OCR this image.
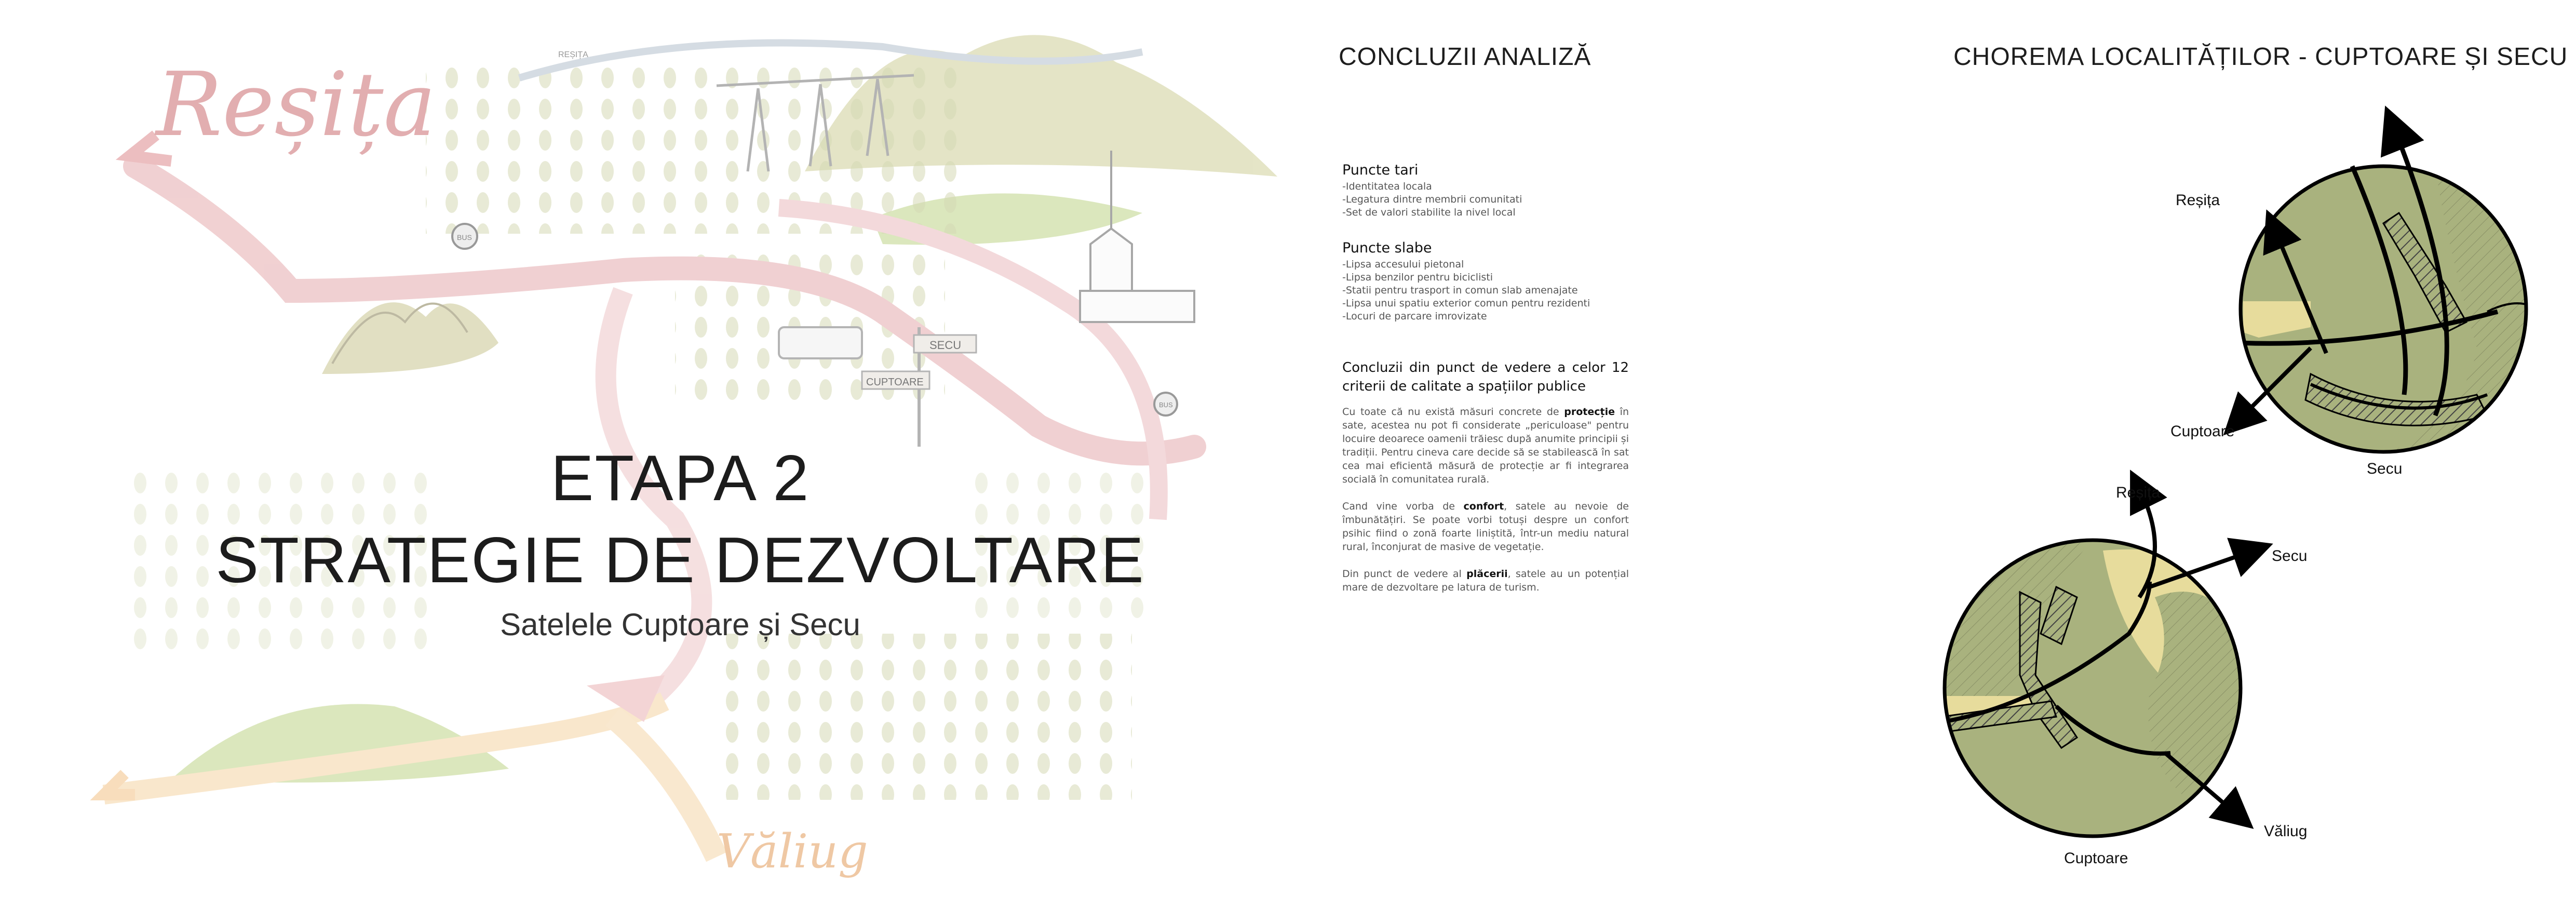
Reșița
Văliug
SECU
CUPTOARE
REȘIȚA
BUS
BUS
ETAPA 2
STRATEGIE DE DEZVOLTARE
Satelele Cuptoare și Secu
CONCLUZII ANALIZĂ
Puncte tari
-Identitatea locala
-Legatura dintre membrii comunitati
-Set de valori stabilite la nivel local
Puncte slabe
-Lipsa accesului pietonal
-Lipsa benzilor pentru biciclisti
-Statii pentru trasport in comun slab amenajate
-Lipsa unui spatiu exterior comun pentru rezidenti
-Locuri de parcare imrovizate
Concluzii din punct de vedere a celor 12 criterii de calitate a spațiilor publice
Cu toate că nu există măsuri concrete de protecție în sate, acestea nu pot fi considerate „periculoase" pentru locuire deoarece oamenii trăiesc după anumite principii și tradiții. Pentru cineva care decide să se stabilească în sat cea mai eficientă măsură de protecție ar fi integrarea socială în comunitatea rurală.
Cand vine vorba de confort, satele au nevoie de îmbunătățiri. Se poate vorbi totuși despre un confort psihic fiind o zonă foarte liniștită, într-un mediu natural rural, înconjurat de masive de vegetație.
Din punct de vedere al plăcerii, satele au un potențial mare de dezvoltare pe latura de turism.
CHOREMA LOCALITĂȚILOR - CUPTOARE ȘI SECU
Reșița
Cuptoare
Secu
Reșița
Secu
Văliug
Cuptoare
